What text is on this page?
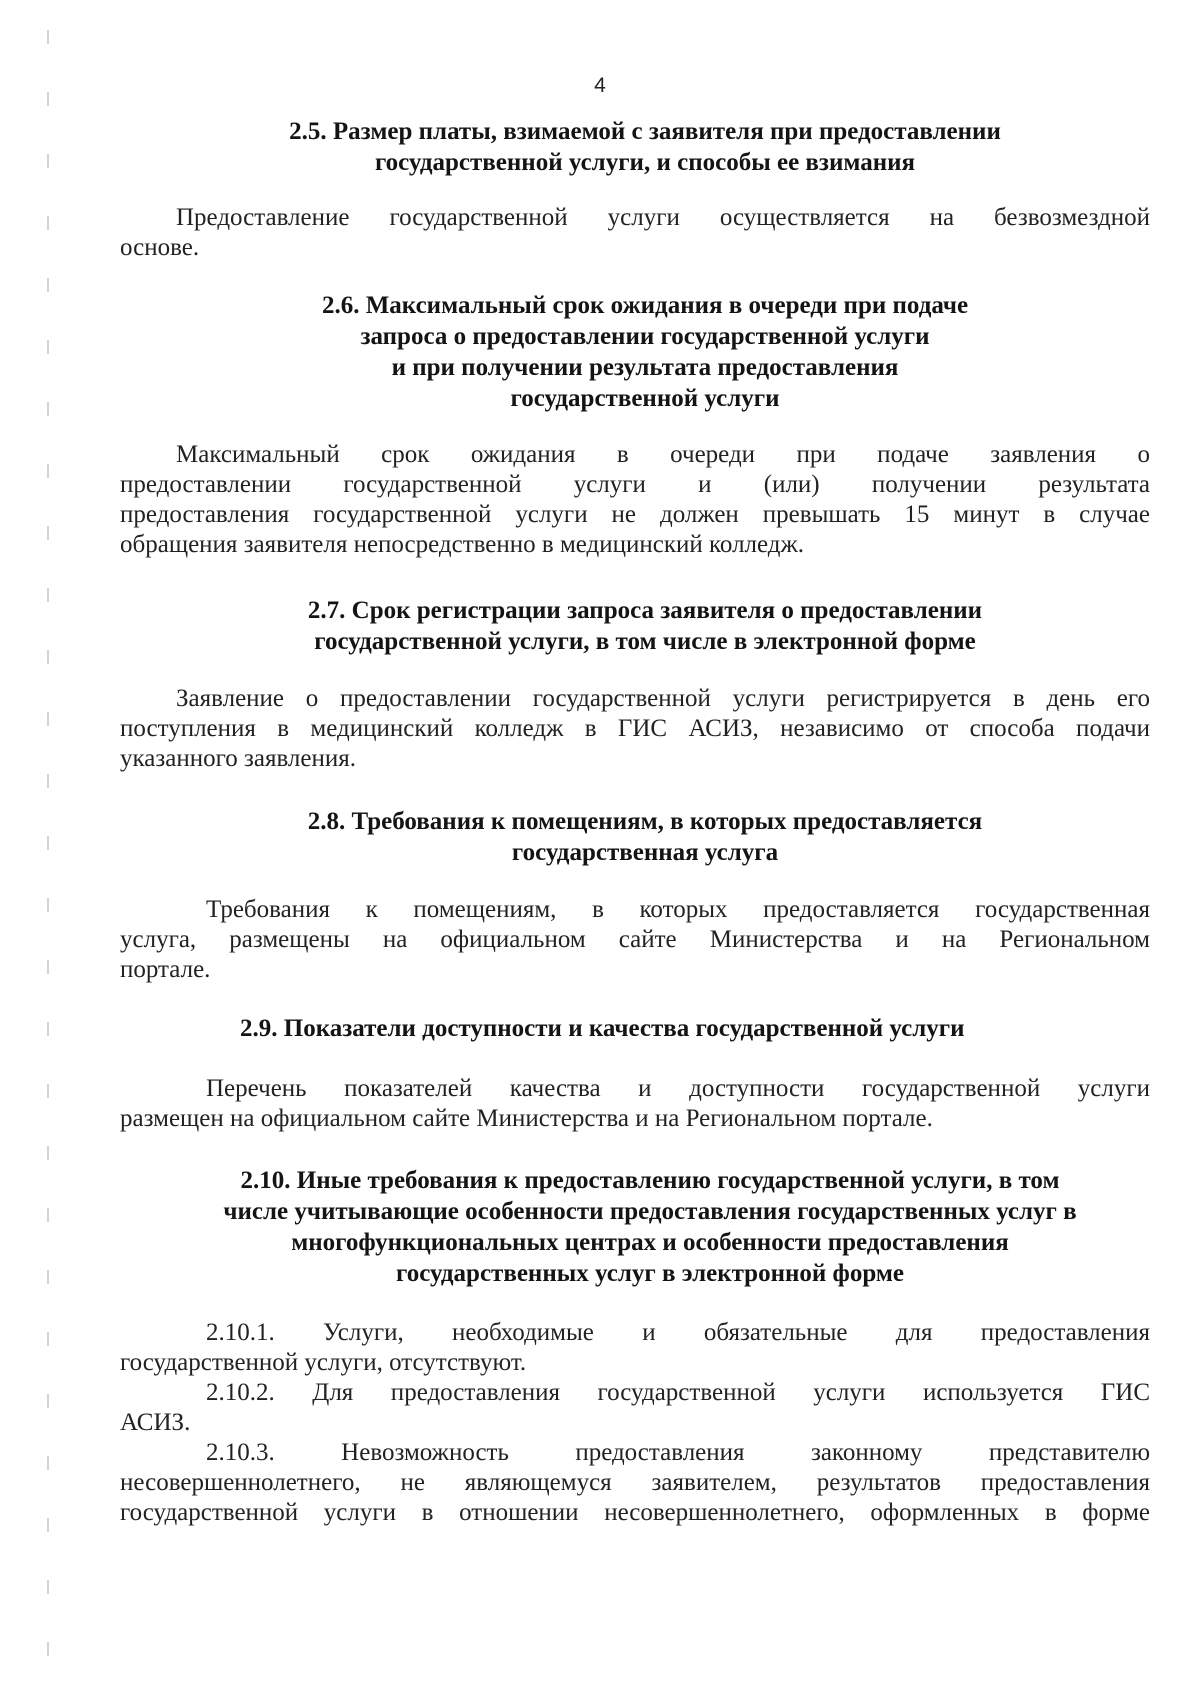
4
2.5. Размер платы, взимаемой с заявителя при предоставлении
государственной услуги, и способы ее взимания

Предоставление государственной услуги осуществляется на безвозмездной
основе.

2.6. Максимальный срок ожидания в очереди при подаче
запроса о предоставлении государственной услуги
и при получении результата предоставления
государственной услуги

Максимальный срок ожидания в очереди при подаче заявления о
предоставлении государственной услуги и (или) получении результата
предоставления государственной услуги не должен превышать 15 минут в случае
обращения заявителя непосредственно в медицинский колледж.

2.7. Срок регистрации запроса заявителя о предоставлении
государственной услуги, в том числе в электронной форме

Заявление о предоставлении государственной услуги регистрируется в день его
поступления в медицинский колледж в ГИС АСИЗ, независимо от способа подачи
указанного заявления.

2.8. Требования к помещениям, в которых предоставляется
государственная услуга

Требования к помещениям, в которых предоставляется государственная
услуга, размещены на официальном сайте Министерства и на Региональном
портале.

2.9. Показатели доступности и качества государственной услуги

Перечень показателей качества и доступности государственной услуги
размещен на официальном сайте Министерства и на Региональном портале.

2.10. Иные требования к предоставлению государственной услуги, в том
числе учитывающие особенности предоставления государственных услуг в
многофункциональных центрах и особенности предоставления
государственных услуг в электронной форме

2.10.1. Услуги, необходимые и обязательные для предоставления
государственной услуги, отсутствуют.

2.10.2. Для предоставления государственной услуги используется ГИС
АСИЗ.

2.10.3. Невозможность предоставления законному представителю
несовершеннолетнего, не являющемуся заявителем, результатов предоставления
государственной услуги в отношении несовершеннолетнего, оформленных в форме
